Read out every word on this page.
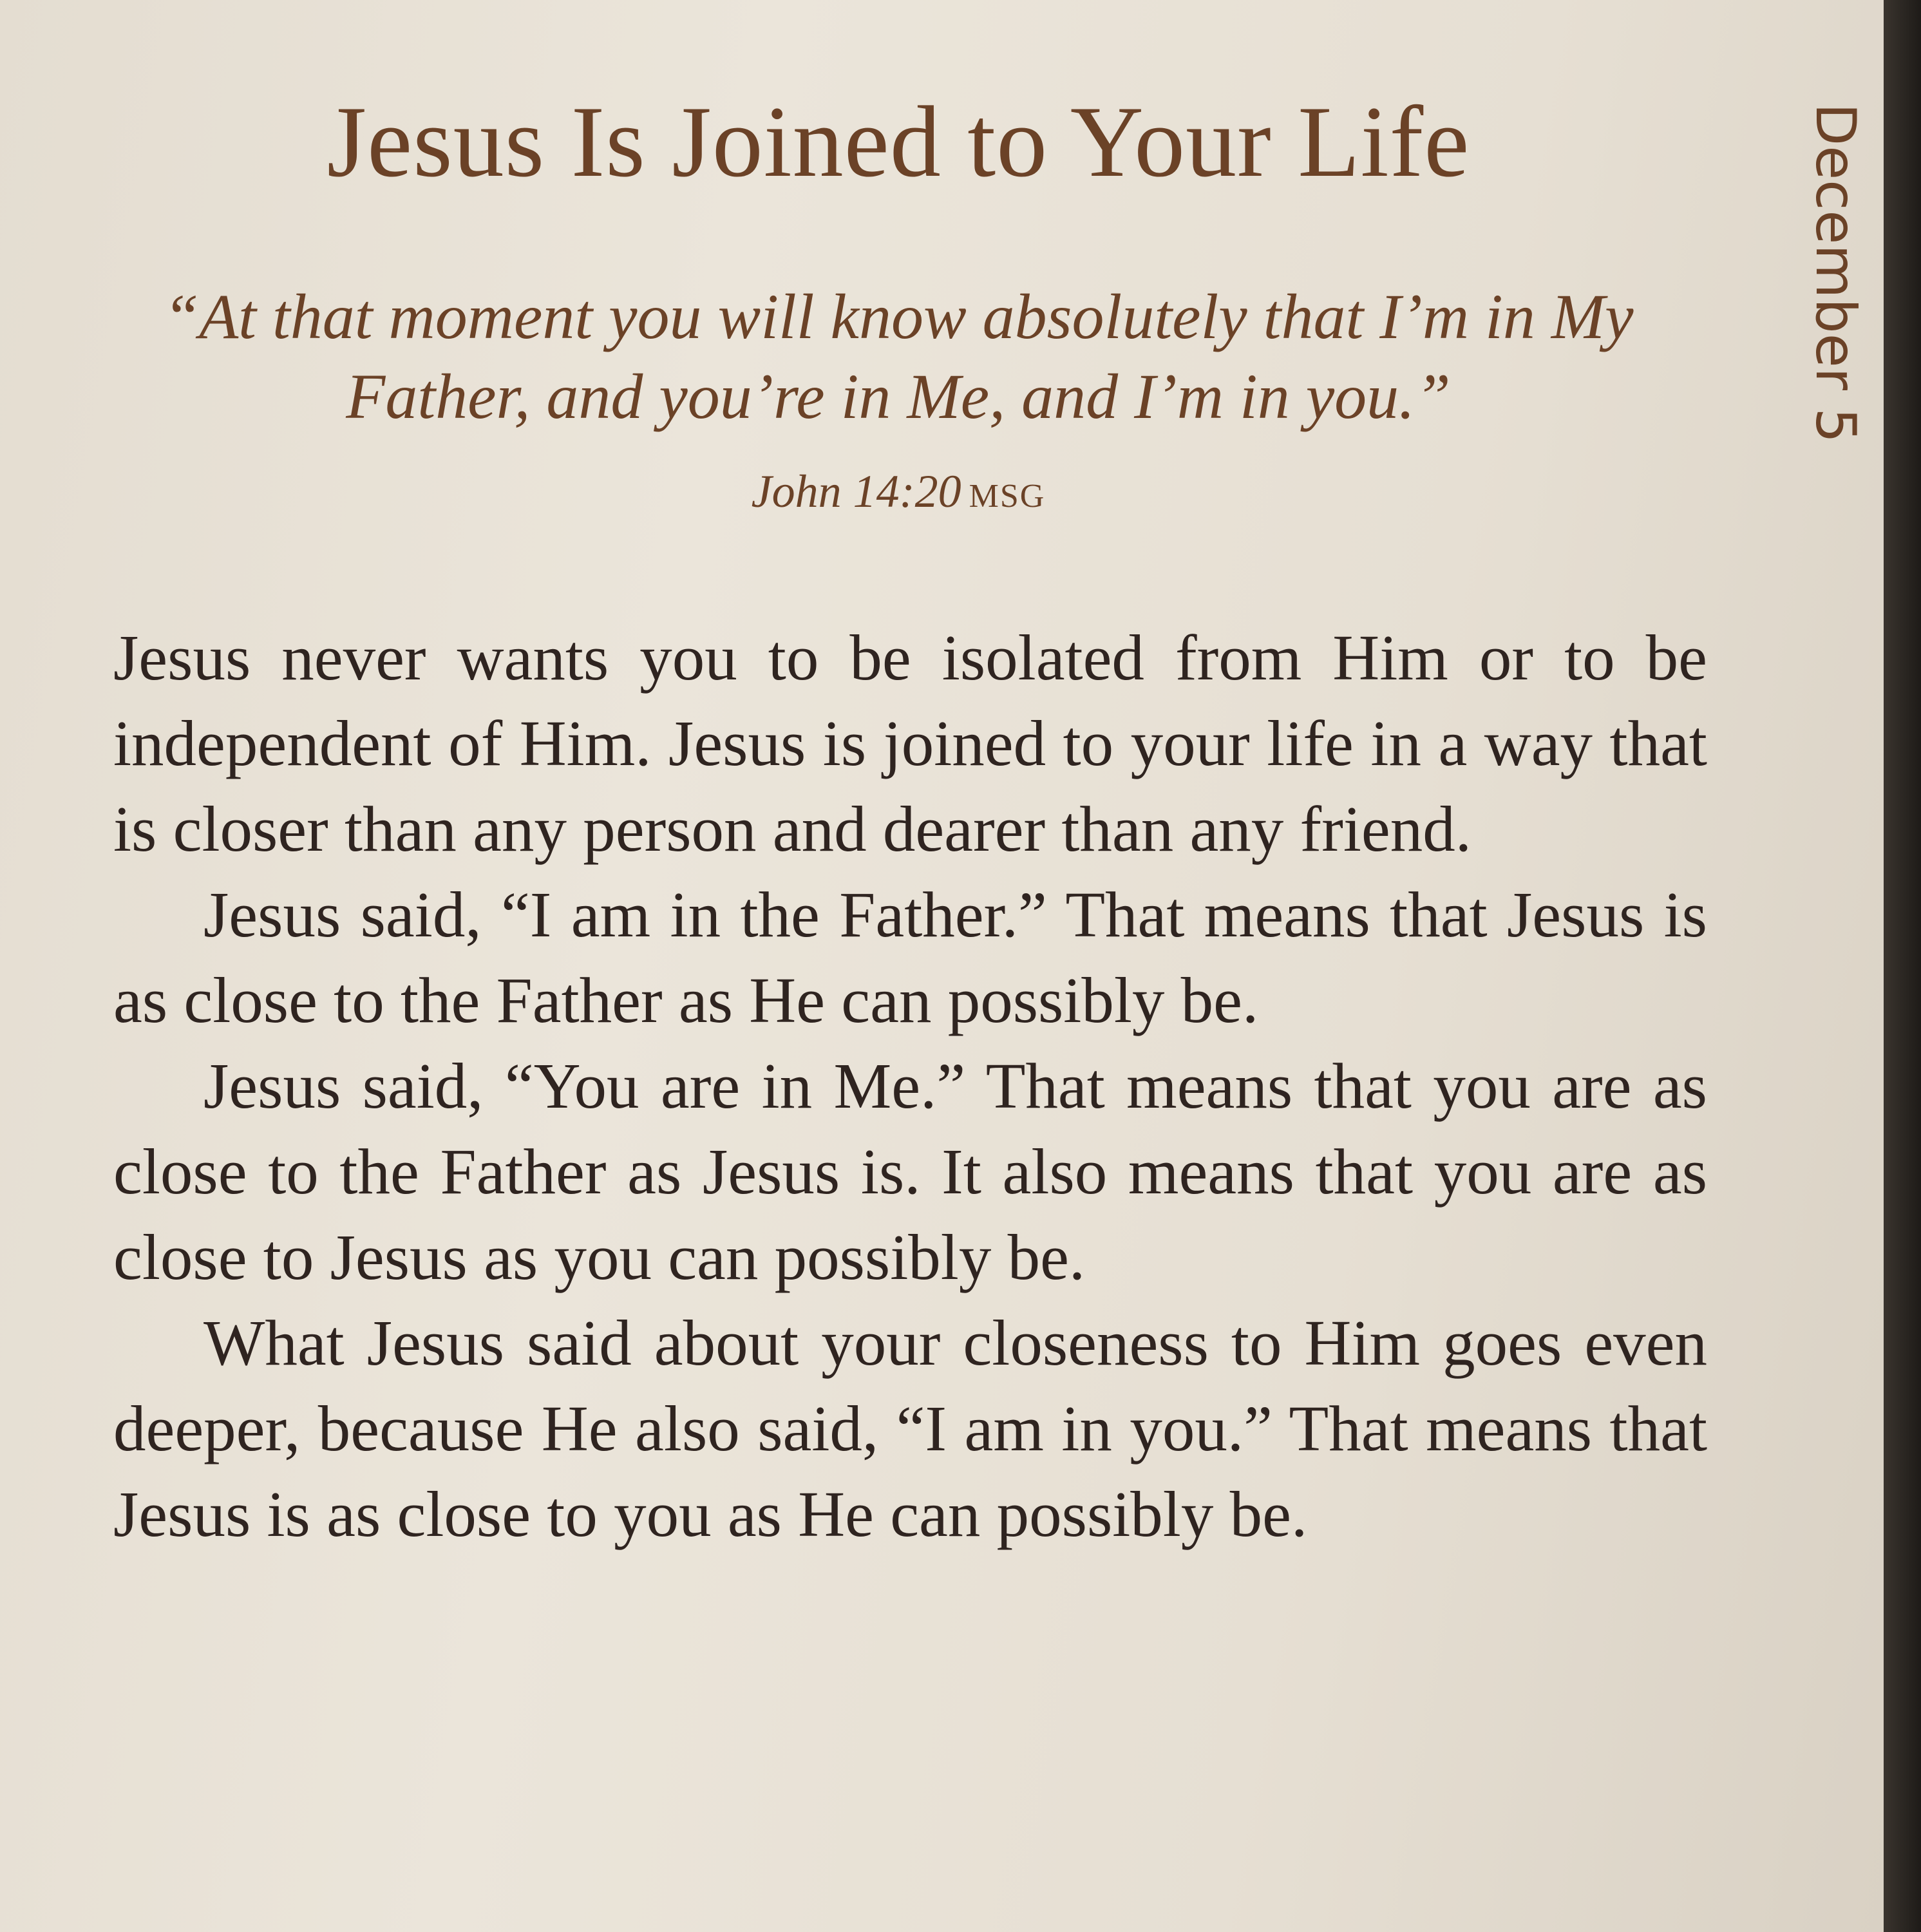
Jesus Is Joined to Your Life	December 5

“At that moment you will know absolutely that I’m in My Father, and you’re in Me, and I’m in you.”

John 14:20 MSG

Jesus never wants you to be isolated from Him or to be independent of Him. Jesus is joined to your life in a way that is closer than any person and dearer than any friend.

Jesus said, “I am in the Father.” That means that Jesus is as close to the Father as He can possibly be.

Jesus said, “You are in Me.” That means that you are as close to the Father as Jesus is. It also means that you are as close to Jesus as you can possibly be.

What Jesus said about your closeness to Him goes even deeper, because He also said, “I am in you.” That means that Jesus is as close to you as He can possibly be.
